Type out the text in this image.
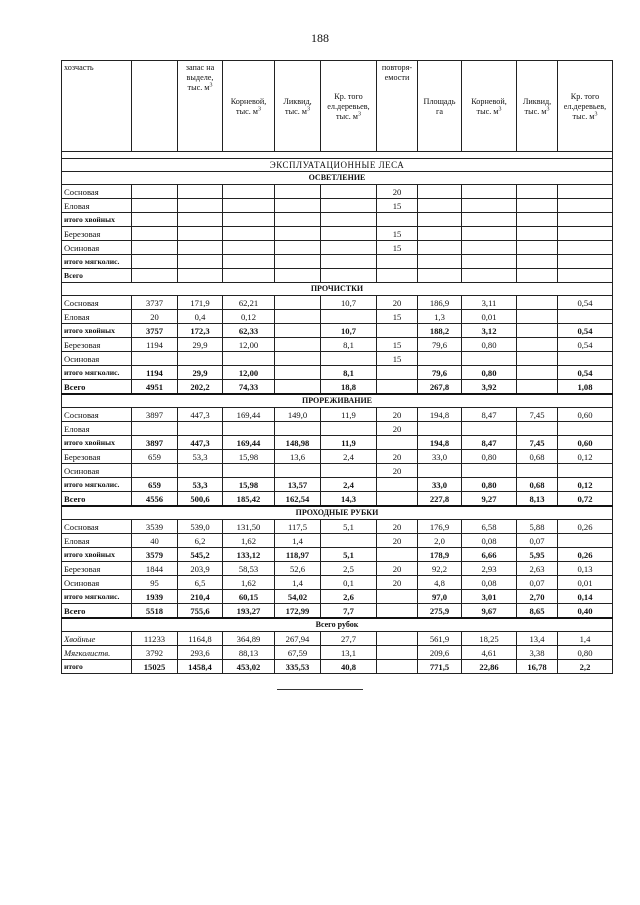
188
хозчасть		запас на выделе, тыс. $м^3$	Корневой, тыс. $м^3$	Ликвид, тыс. $м^3$	Кр. того ел.деревьев, тыс. $м^3$	повторя- емости	Площадь га	Корневой, тыс. $м^3$	Ликвид, тыс. $м^3$	Кр. того ел.деревьев, тыс. $м^3$

ЭКСПЛУАТАЦИОННЫЕ ЛЕСА										
ОСВЕТЛЕНИЕ										
Сосновая						20				
Еловая						15				
итого хвойных										
Березовая						15				
Осиновая						15				
итого мягколис.										
Всего										
ПРОЧИСТКИ										
Сосновая	3737	171,9	62,21		10,7	20	186,9	3,11		0,54
Еловая	20	0,4	0,12			15	1,3	0,01		
итого хвойных	3757	172,3	62,33		10,7		188,2	3,12		0,54
Березовая	1194	29,9	12,00		8,1	15	79,6	0,80		0,54
Осиновая						15				
итого мягколис.	1194	29,9	12,00		8,1		79,6	0,80		0,54
Всего	4951	202,2	74,33		18,8		267,8	3,92		1,08
ПРОРЕЖИВАНИЕ										
Сосновая	3897	447,3	169,44	149,0	11,9	20	194,8	8,47	7,45	0,60
Еловая						20				
итого хвойных	3897	447,3	169,44	148,98	11,9		194,8	8,47	7,45	0,60
Березовая	659	53,3	15,98	13,6	2,4	20	33,0	0,80	0,68	0,12
Осиновая						20				
итого мягколис.	659	53,3	15,98	13,57	2,4		33,0	0,80	0,68	0,12
Всего	4556	500,6	185,42	162,54	14,3		227,8	9,27	8,13	0,72
ПРОХОДНЫЕ РУБКИ										
Сосновая	3539	539,0	131,50	117,5	5,1	20	176,9	6,58	5,88	0,26
Еловая	40	6,2	1,62	1,4		20	2,0	0,08	0,07	
итого хвойных	3579	545,2	133,12	118,97	5,1		178,9	6,66	5,95	0,26
Березовая	1844	203,9	58,53	52,6	2,5	20	92,2	2,93	2,63	0,13
Осиновая	95	6,5	1,62	1,4	0,1	20	4,8	0,08	0,07	0,01
итого мягколис.	1939	210,4	60,15	54,02	2,6		97,0	3,01	2,70	0,14
Всего	5518	755,6	193,27	172,99	7,7		275,9	9,67	8,65	0,40
Всего рубок										
Хвойные	11233	1164,8	364,89	267,94	27,7		561,9	18,25	13,4	1,4
Мягколиств.	3792	293,6	88,13	67,59	13,1		209,6	4,61	3,38	0,80
итого	15025	1458,4	453,02	335,53	40,8		771,5	22,86	16,78	2,2
